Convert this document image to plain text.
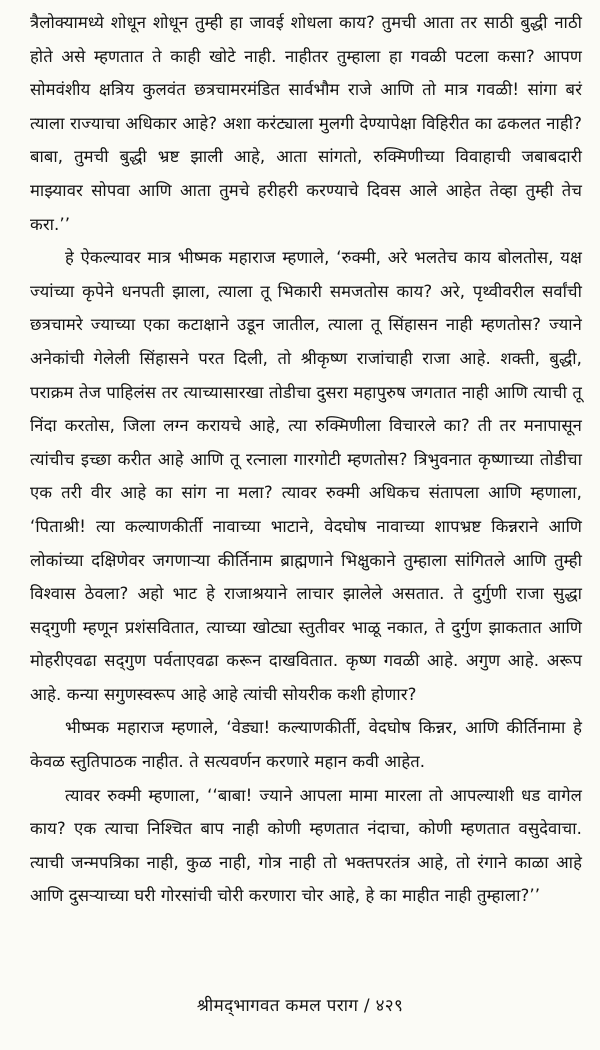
त्रैलोक्यामध्ये शोधून शोधून तुम्ही हा जावई शोधला काय? तुमची आता तर साठी बुद्धी नाठी होते असे म्हणतात ते काही खोटे नाही. नाहीतर तुम्हाला हा गवळी पटला कसा? आपण सोमवंशीय क्षत्रिय कुलवंत छत्रचामरमंडित सार्वभौम राजे आणि तो मात्र गवळी! सांगा बरं त्याला राज्याचा अधिकार आहे? अशा करंट्याला मुलगी देण्यापेक्षा विहिरीत का ढकलत नाही? बाबा, तुमची बुद्धी भ्रष्ट झाली आहे, आता सांगतो, रुक्मिणीच्या विवाहाची जबाबदारी माझ्यावर सोपवा आणि आता तुमचे हरीहरी करण्याचे दिवस आले आहेत तेव्हा तुम्ही तेच करा.’’

हे ऐकल्यावर मात्र भीष्मक महाराज म्हणाले, ‘रुक्मी, अरे भलतेच काय बोलतोस, यक्ष ज्यांच्या कृपेने धनपती झाला, त्याला तू भिकारी समजतोस काय? अरे, पृथ्वीवरील सर्वांची छत्रचामरे ज्याच्या एका कटाक्षाने उडून जातील, त्याला तू सिंहासन नाही म्हणतोस? ज्याने अनेकांची गेलेली सिंहासने परत दिली, तो श्रीकृष्ण राजांचाही राजा आहे. शक्ती, बुद्धी, पराक्रम तेज पाहिलंस तर त्याच्यासारखा तोडीचा दुसरा महापुरुष जगतात नाही आणि त्याची तू निंदा करतोस, जिला लग्न करायचे आहे, त्या रुक्मिणीला विचारले का? ती तर मनापासून त्यांचीच इच्छा करीत आहे आणि तू रत्नाला गारगोटी म्हणतोस? त्रिभुवनात कृष्णाच्या तोडीचा एक तरी वीर आहे का सांग ना मला? त्यावर रुक्मी अधिकच संतापला आणि म्हणाला, ‘पिताश्री! त्या कल्याणकीर्ती नावाच्या भाटाने, वेदघोष नावाच्या शापभ्रष्ट किन्नराने आणि लोकांच्या दक्षिणेवर जगणाऱ्या कीर्तिनाम ब्राह्मणाने भिक्षुकाने तुम्हाला सांगितले आणि तुम्ही विश्वास ठेवला? अहो भाट हे राजाश्रयाने लाचार झालेले असतात. ते दुर्गुणी राजा सुद्धा सद्‌गुणी म्हणून प्रशंसवितात, त्याच्या खोट्या स्तुतीवर भाळू नकात, ते दुर्गुण झाकतात आणि मोहरीएवढा सद्‌गुण पर्वताएवढा करून दाखवितात. कृष्ण गवळी आहे. अगुण आहे. अरूप आहे. कन्या सगुणस्वरूप आहे आहे त्यांची सोयरीक कशी होणार?

भीष्मक महाराज म्हणाले, ‘वेड्या! कल्याणकीर्ती, वेदघोष किन्नर, आणि कीर्तिनामा हे केवळ स्तुतिपाठक नाहीत. ते सत्यवर्णन करणारे महान कवी आहेत.

त्यावर रुक्मी म्हणाला, ‘‘बाबा! ज्याने आपला मामा मारला तो आपल्याशी धड वागेल काय? एक त्याचा निश्चित बाप नाही कोणी म्हणतात नंदाचा, कोणी म्हणतात वसुदेवाचा. त्याची जन्मपत्रिका नाही, कुळ नाही, गोत्र नाही तो भक्तपरतंत्र आहे, तो रंगाने काळा आहे आणि दुसऱ्याच्या घरी गोरसांची चोरी करणारा चोर आहे, हे का माहीत नाही तुम्हाला?’’

श्रीमद्‌भागवत कमल पराग / ४२९
